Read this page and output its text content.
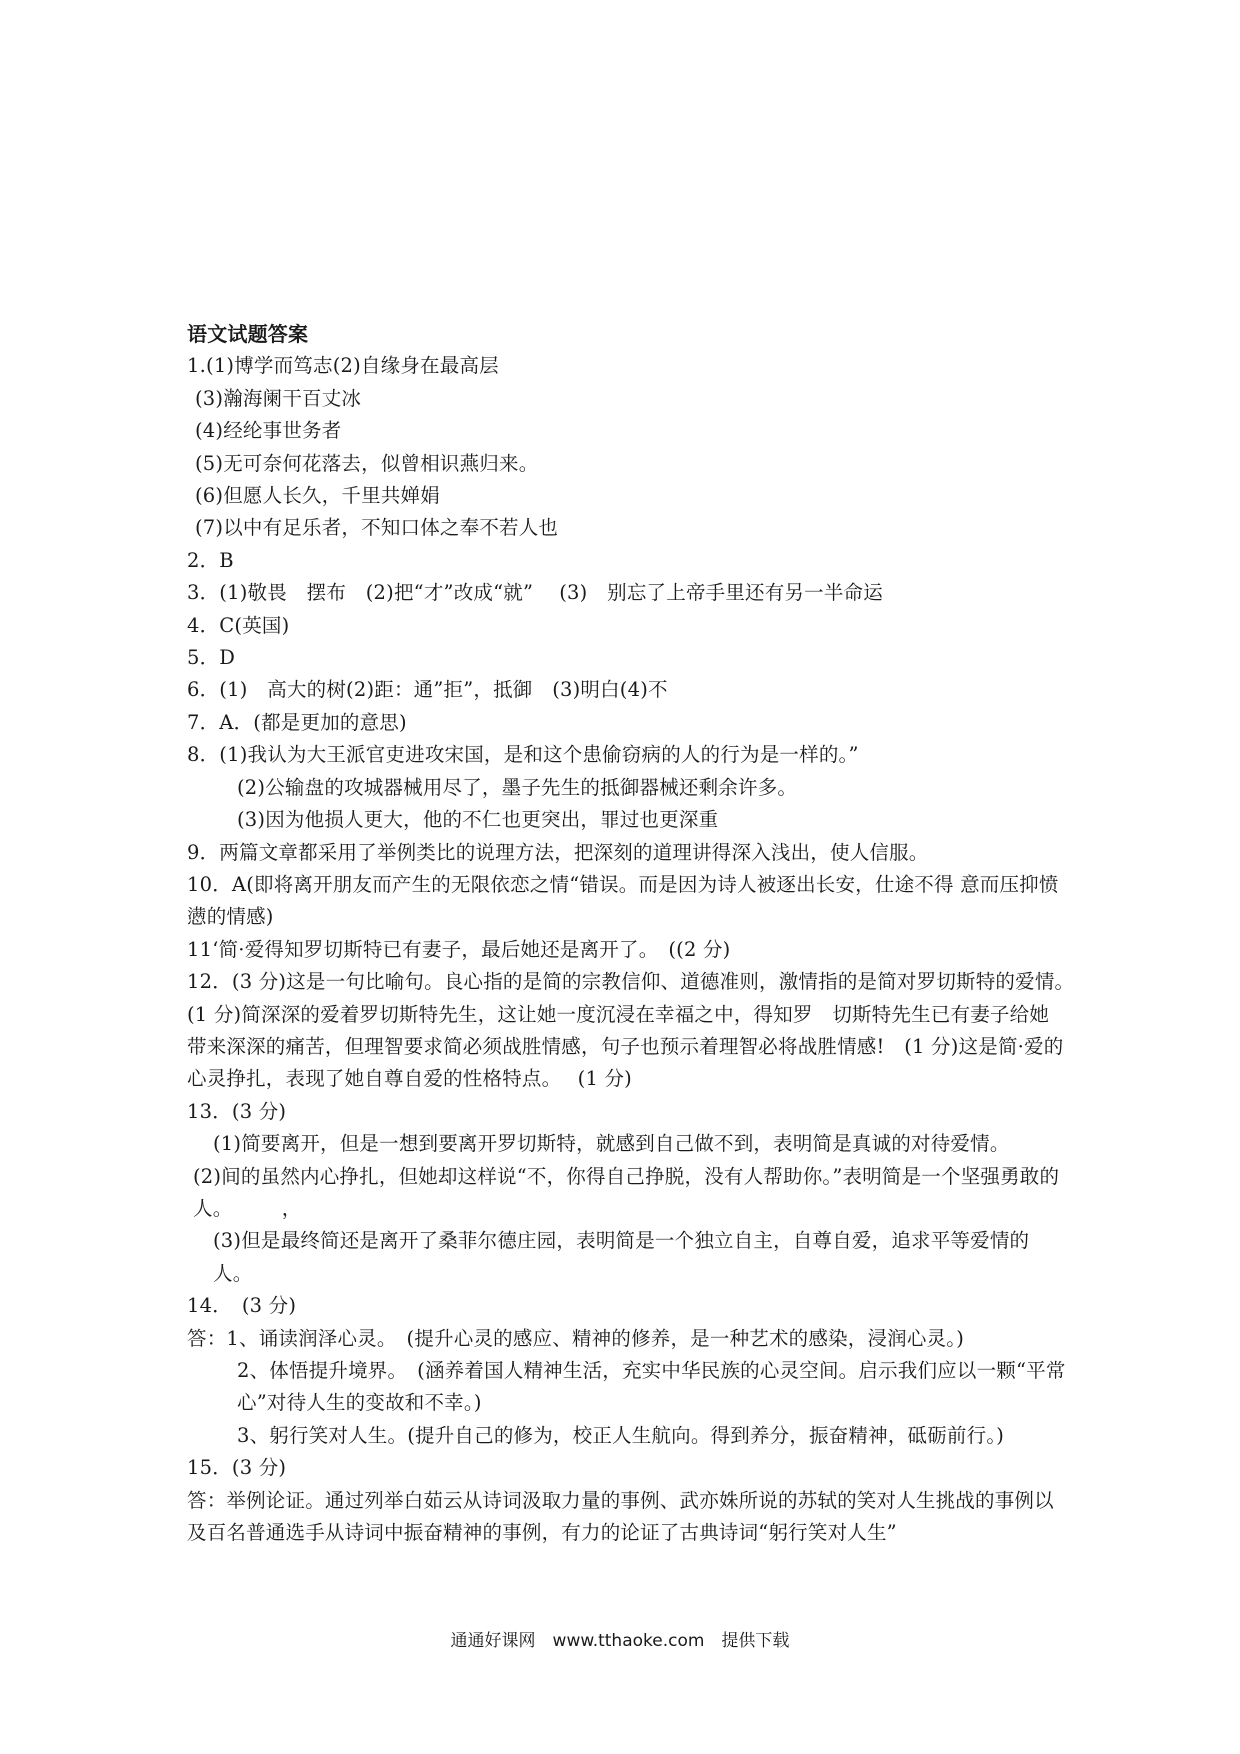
语文试题答案
1.(1)博学而笃志(2)自缘身在最高层
(3)瀚海阑干百丈冰
(4)经纶事世务者
(5)无可奈何花落去，似曾相识燕归来。
(6)但愿人长久，千里共婵娟
(7)以中有足乐者，不知口体之奉不若人也
2．B
3．(1)敬畏　摆布　(2)把“才”改成“就”　 (3)　别忘了上帝手里还有另一半命运
4．C(英国)
5．D
6．(1)　高大的树(2)距：通”拒”，抵御　(3)明白(4)不
7．A．(都是更加的意思)
8．(1)我认为大王派官吏进攻宋国，是和这个患偷窃病的人的行为是一样的。”
(2)公输盘的攻城器械用尽了，墨子先生的抵御器械还剩余许多。
(3)因为他损人更大，他的不仁也更突出，罪过也更深重
9．两篇文章都采用了举例类比的说理方法，把深刻的道理讲得深入浅出，使人信服。
10．A(即将离开朋友而产生的无限依恋之情“错误。而是因为诗人被逐出长安，仕途不得 意而压抑愤懑的情感)
11‘简·爱得知罗切斯特已有妻子，最后她还是离开了。　((2 分)
12．(3 分)这是一句比喻句。良心指的是简的宗教信仰、道德准则，激情指的是简对罗切斯特的爱情。　(1 分)简深深的爱着罗切斯特先生，这让她一度沉浸在幸福之中，得知罗　切斯特先生已有妻子给她带来深深的痛苦，但理智要求简必须战胜情感，句子也预示着理智必将战胜情感!　(1 分)这是简·爱的心灵挣扎，表现了她自尊自爱的性格特点。　 (1 分)
13．(3 分)
(1)简要离开，但是一想到要离开罗切斯特，就感到自己做不到，表明简是真诚的对待爱情。
(2)间的虽然内心挣扎，但她却这样说“不，你得自己挣脱，没有人帮助你。”表明简是一个坚强勇敢的人。　　　，
(3)但是最终简还是离开了桑菲尔德庄园，表明简是一个独立自主，自尊自爱，追求平等爱情的人。
14．　(3 分)
答：1、诵读润泽心灵。　(提升心灵的感应、精神的修养，是一种艺术的感染，浸润心灵。)
2、体悟提升境界。　(涵养着国人精神生活，充实中华民族的心灵空间。启示我们应以一颗“平常心”对待人生的变故和不幸。)
3、躬行笑对人生。(提升自己的修为，校正人生航向。得到养分，振奋精神，砥砺前行。)
15．(3 分)
答：举例论证。通过列举白茹云从诗词汲取力量的事例、武亦姝所说的苏轼的笑对人生挑战的事例以及百名普通选手从诗词中振奋精神的事例，有力的论证了古典诗词“躬行笑对人生”
通通好课网　www.tthaoke.com　提供下载
